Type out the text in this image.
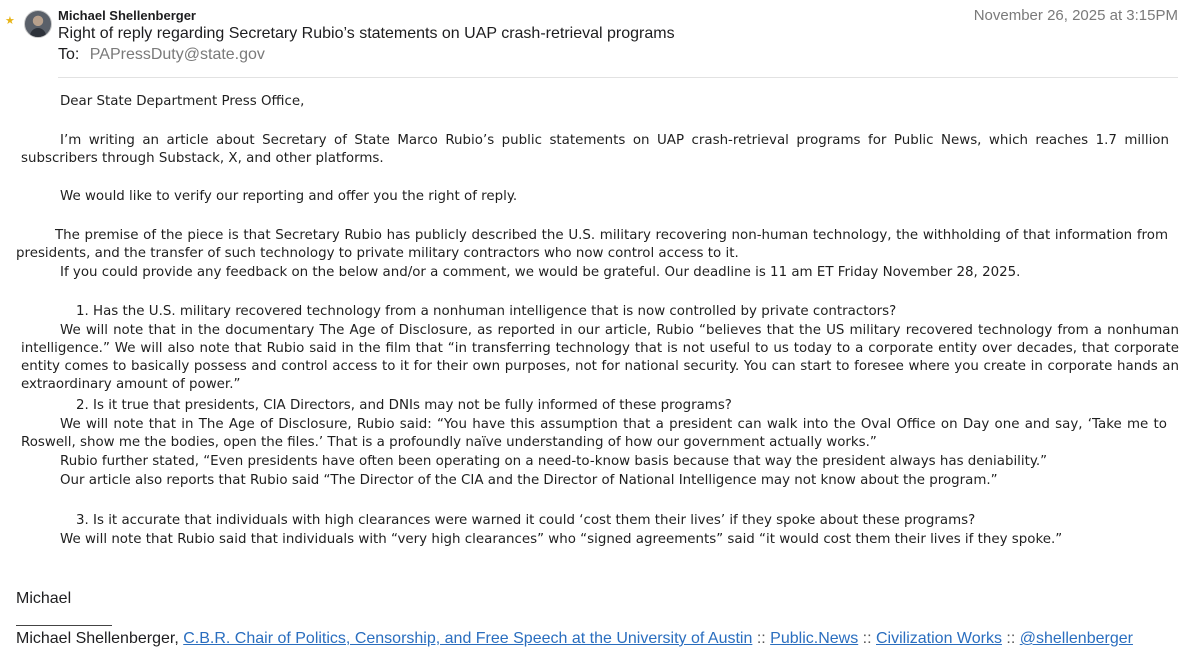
★	Michael Shellenberger
Right of reply regarding Secretary Rubio’s statements on UAP crash-retrieval programs
To: PAPressDuty@state.gov
November 26, 2025 at 3:15PM
Dear State Department Press Office,
I’m writing an article about Secretary of State Marco Rubio’s public statements on UAP crash-retrieval programs for Public News, which reaches 1.7 million subscribers through Substack, X, and other platforms.
We would like to verify our reporting and offer you the right of reply.
The premise of the piece is that Secretary Rubio has publicly described the U.S. military recovering non-human technology, the withholding of that information from presidents, and the transfer of such technology to private military contractors who now control access to it.
If you could provide any feedback on the below and/or a comment, we would be grateful. Our deadline is 11 am ET Friday November 28, 2025.
1. Has the U.S. military recovered technology from a nonhuman intelligence that is now controlled by private contractors?
We will note that in the documentary The Age of Disclosure, as reported in our article, Rubio “believes that the US military recovered technology from a nonhuman intelligence.” We will also note that Rubio said in the film that “in transferring technology that is not useful to us today to a corporate entity over decades, that corporate entity comes to basically possess and control access to it for their own purposes, not for national security. You can start to foresee where you create in corporate hands an extraordinary amount of power.”
2. Is it true that presidents, CIA Directors, and DNIs may not be fully informed of these programs?
We will note that in The Age of Disclosure, Rubio said: “You have this assumption that a president can walk into the Oval Office on Day one and say, ‘Take me to Roswell, show me the bodies, open the files.’ That is a profoundly naïve understanding of how our government actually works.”
Rubio further stated, “Even presidents have often been operating on a need-to-know basis because that way the president always has deniability.”
Our article also reports that Rubio said “The Director of the CIA and the Director of National Intelligence may not know about the program.”
3. Is it accurate that individuals with high clearances were warned it could ‘cost them their lives’ if they spoke about these programs?
We will note that Rubio said that individuals with “very high clearances” who “signed agreements” said “it would cost them their lives if they spoke.”
Michael
Michael Shellenberger, C.B.R. Chair of Politics, Censorship, and Free Speech at the University of Austin :: Public.News :: Civilization Works :: @shellenberger
